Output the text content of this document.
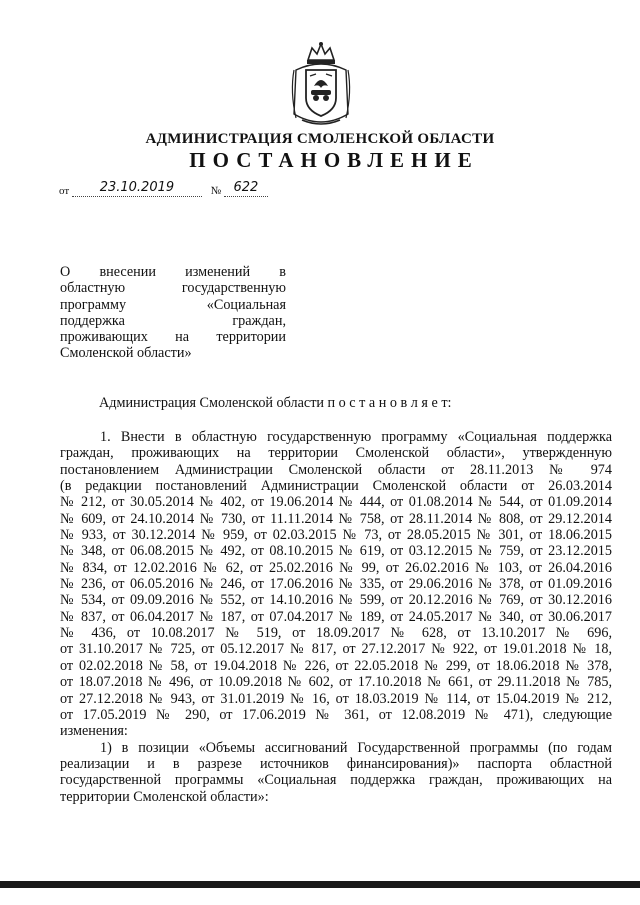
АДМИНИСТРАЦИЯ СМОЛЕНСКОЙ ОБЛАСТИ
ПОСТАНОВЛЕНИЕ
от 23.10.2019	№ 622
О внесении изменений в
областную государственную
программу «Социальная
поддержка граждан,
проживающих на территории
Смоленской области»
Администрация Смоленской области п о с т а н о в л я е т:
1. Внести в областную государственную программу «Социальная поддержка
граждан, проживающих на территории Смоленской области», утвержденную
постановлением Администрации Смоленской области от 28.11.2013 № 974
(в редакции постановлений Администрации Смоленской области от 26.03.2014
№ 212, от 30.05.2014 № 402, от 19.06.2014 № 444, от 01.08.2014 № 544, от 01.09.2014
№ 609, от 24.10.2014 № 730, от 11.11.2014 № 758, от 28.11.2014 № 808, от 29.12.2014
№ 933, от 30.12.2014 № 959, от 02.03.2015 № 73, от 28.05.2015 № 301, от 18.06.2015
№ 348, от 06.08.2015 № 492, от 08.10.2015 № 619, от 03.12.2015 № 759, от 23.12.2015
№ 834, от 12.02.2016 № 62, от 25.02.2016 № 99, от 26.02.2016 № 103, от 26.04.2016
№ 236, от 06.05.2016 № 246, от 17.06.2016 № 335, от 29.06.2016 № 378, от 01.09.2016
№ 534, от 09.09.2016 № 552, от 14.10.2016 № 599, от 20.12.2016 № 769, от 30.12.2016
№ 837, от 06.04.2017 № 187, от 07.04.2017 № 189, от 24.05.2017 № 340, от 30.06.2017
№ 436, от 10.08.2017 № 519, от 18.09.2017 № 628, от 13.10.2017 № 696,
от 31.10.2017 № 725, от 05.12.2017 № 817, от 27.12.2017 № 922, от 19.01.2018 № 18,
от 02.02.2018 № 58, от 19.04.2018 № 226, от 22.05.2018 № 299, от 18.06.2018 № 378,
от 18.07.2018 № 496, от 10.09.2018 № 602, от 17.10.2018 № 661, от 29.11.2018 № 785,
от 27.12.2018 № 943, от 31.01.2019 № 16, от 18.03.2019 № 114, от 15.04.2019 № 212,
от 17.05.2019 № 290, от 17.06.2019 № 361, от 12.08.2019 № 471), следующие
изменения:
1) в позиции «Объемы ассигнований Государственной программы (по годам
реализации и в разрезе источников финансирования)» паспорта областной
государственной программы «Социальная поддержка граждан, проживающих на
территории Смоленской области»:
